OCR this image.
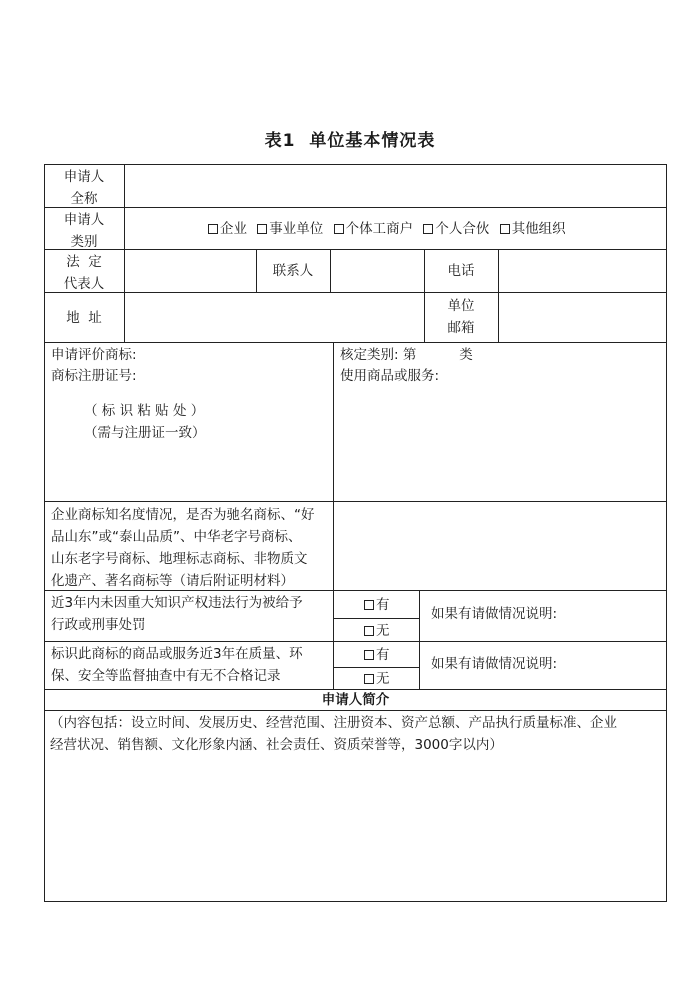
表1 单位基本情况表
申请人
全称
申请人
类别
企业 事业单位 个体工商户 个人合伙 其他组织
法  定
代表人
联系人	电话
地  址
单位
邮箱
申请评价商标:
商标注册证号:
（ 标 识 粘 贴 处 ）
（需与注册证一致）
核定类别: 第          类
使用商品或服务:
企业商标知名度情况，是否为驰名商标、“好
品山东”或“泰山品质”、中华老字号商标、
山东老字号商标、地理标志商标、非物质文
化遗产、著名商标等（请后附证明材料）
近3年内未因重大知识产权违法行为被给予
行政或刑事处罚
有
无
如果有请做情况说明:
标识此商标的商品或服务近3年在质量、环
保、安全等监督抽查中有无不合格记录
有
无
如果有请做情况说明:
申请人简介
（内容包括：设立时间、发展历史、经营范围、注册资本、资产总额、产品执行质量标准、企业
经营状况、销售额、文化形象内涵、社会责任、资质荣誉等，3000字以内）
